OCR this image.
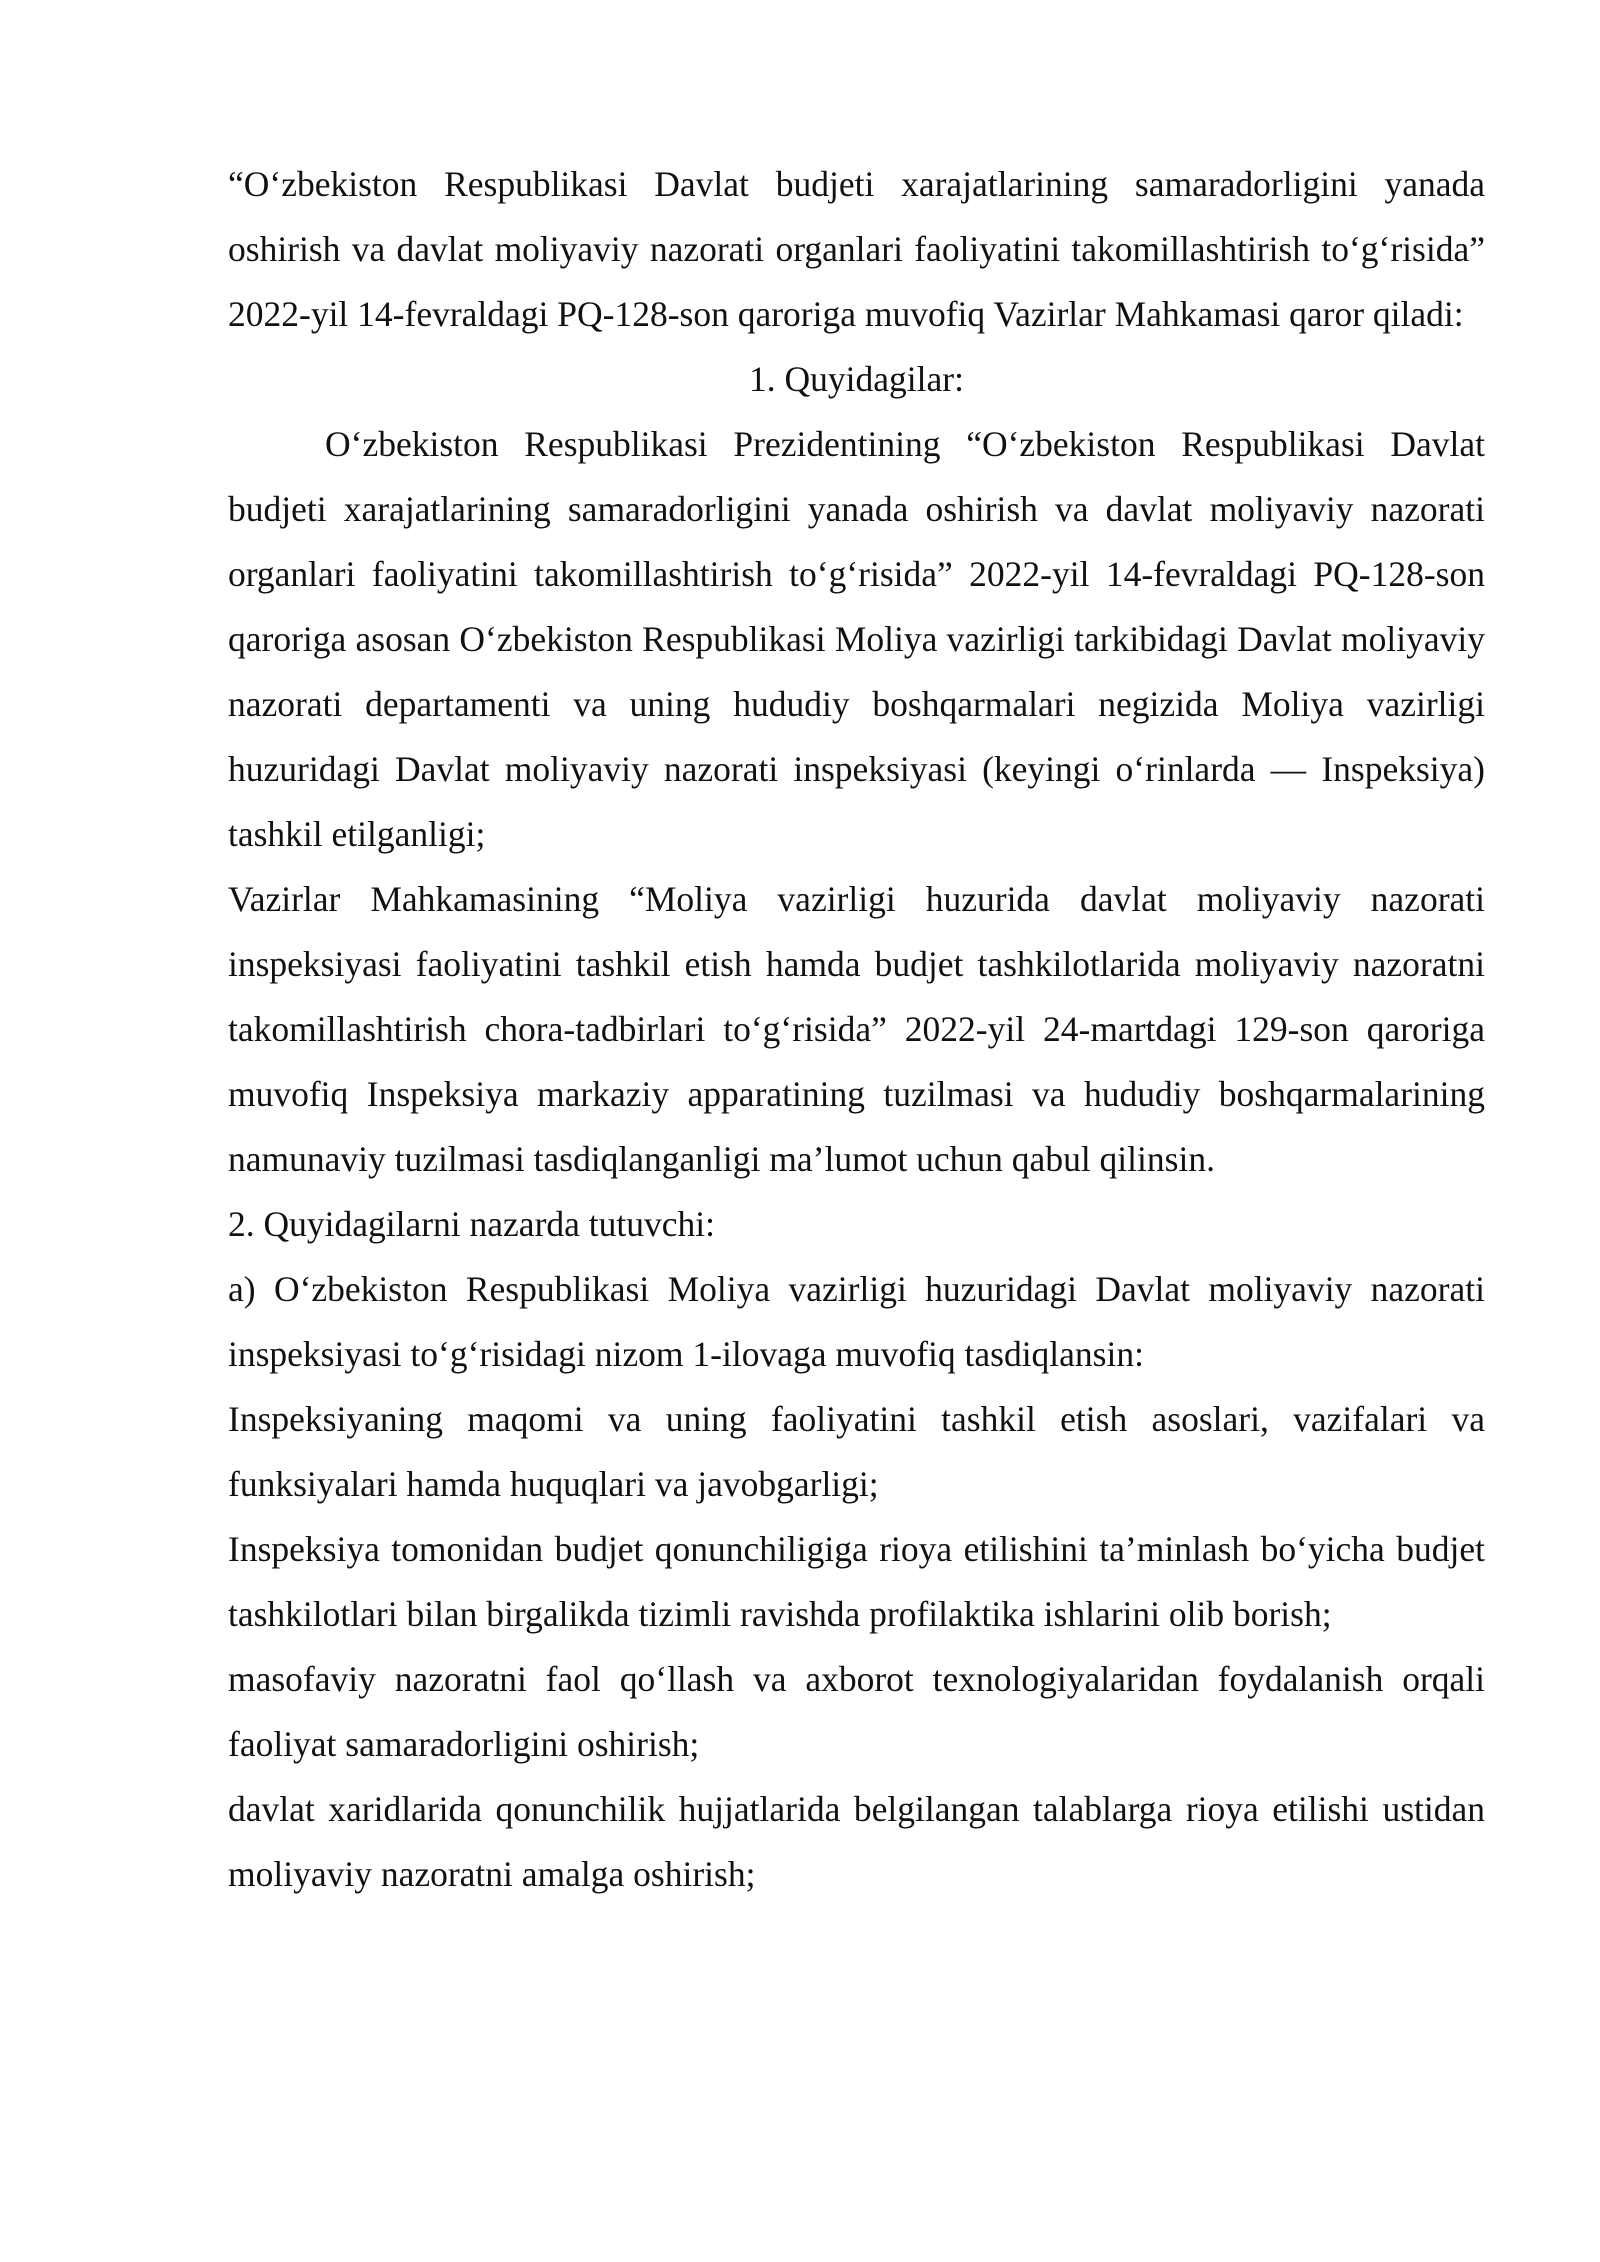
“O‘zbekiston Respublikasi Davlat budjeti xarajatlarining samaradorligini yanada oshirish va davlat moliyaviy nazorati organlari faoliyatini takomillashtirish to‘g‘risida” 2022-yil 14-fevraldagi PQ-128-son qaroriga muvofiq Vazirlar Mahkamasi qaror qiladi:

1. Quyidagilar:

O‘zbekiston Respublikasi Prezidentining “O‘zbekiston Respublikasi Davlat budjeti xarajatlarining samaradorligini yanada oshirish va davlat moliyaviy nazorati organlari faoliyatini takomillashtirish to‘g‘risida” 2022-yil 14-fevraldagi PQ-128-son qaroriga asosan O‘zbekiston Respublikasi Moliya vazirligi tarkibidagi Davlat moliyaviy nazorati departamenti va uning hududiy boshqarmalari negizida Moliya vazirligi huzuridagi Davlat moliyaviy nazorati inspeksiyasi (keyingi o‘rinlarda — Inspeksiya) tashkil etilganligi;

Vazirlar Mahkamasining “Moliya vazirligi huzurida davlat moliyaviy nazorati inspeksiyasi faoliyatini tashkil etish hamda budjet tashkilotlarida moliyaviy nazoratni takomillashtirish chora-tadbirlari to‘g‘risida” 2022-yil 24-martdagi 129-son qaroriga muvofiq Inspeksiya markaziy apparatining tuzilmasi va hududiy boshqarmalarining namunaviy tuzilmasi tasdiqlanganligi ma’lumot uchun qabul qilinsin.

2. Quyidagilarni nazarda tutuvchi:

a) O‘zbekiston Respublikasi Moliya vazirligi huzuridagi Davlat moliyaviy nazorati inspeksiyasi to‘g‘risidagi nizom 1-ilovaga muvofiq tasdiqlansin:

Inspeksiyaning maqomi va uning faoliyatini tashkil etish asoslari, vazifalari va funksiyalari hamda huquqlari va javobgarligi;

Inspeksiya tomonidan budjet qonunchiligiga rioya etilishini ta’minlash bo‘yicha budjet tashkilotlari bilan birgalikda tizimli ravishda profilaktika ishlarini olib borish;

masofaviy nazoratni faol qo‘llash va axborot texnologiyalaridan foydalanish orqali faoliyat samaradorligini oshirish;

davlat xaridlarida qonunchilik hujjatlarida belgilangan talablarga rioya etilishi ustidan moliyaviy nazoratni amalga oshirish;
